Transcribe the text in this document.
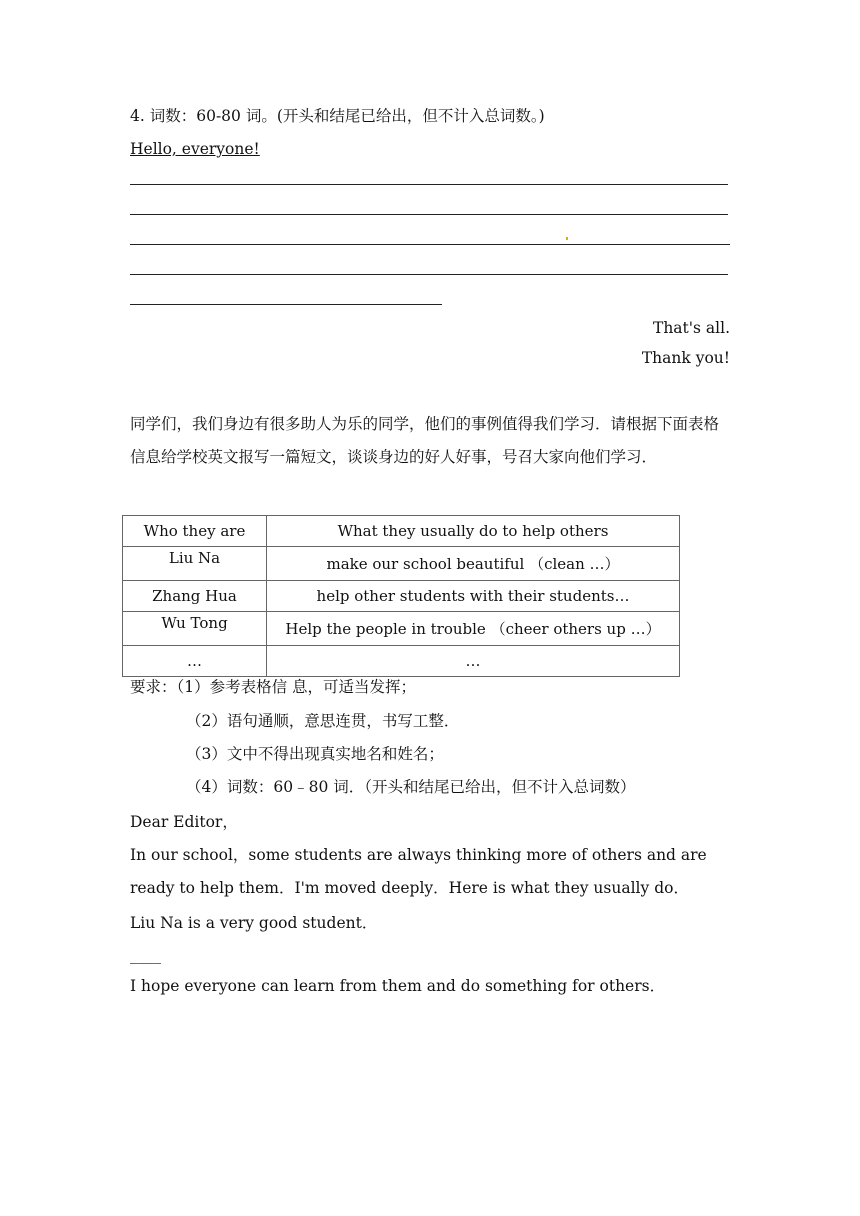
4. 词数：60-80 词。(开头和结尾已给出，但不计入总词数。)
Hello, everyone!
That's all.
Thank you!
同学们，我们身边有很多助人为乐的同学，他们的事例值得我们学习．请根据下面表格信息给学校英文报写一篇短文，谈谈身边的好人好事，号召大家向他们学习．
Who they are	What they usually do to help others
Liu Na	make our school beautiful （clean …）
Zhang Hua	help other students with their students…
Wu Tong	Help the people in trouble （cheer others up …）
…	…
要求：（1）参考表格信 息，可适当发挥；
（2）语句通顺，意思连贯，书写工整．
（3）文中不得出现真实地名和姓名；
（4）词数：60﹣80 词．（开头和结尾已给出，但不计入总词数）
Dear Editor，
In our school，some students are always thinking more of others and are ready to help them．I'm moved deeply．Here is what they usually do．
Liu Na is a very good student．
____
I hope everyone can learn from them and do something for others．
